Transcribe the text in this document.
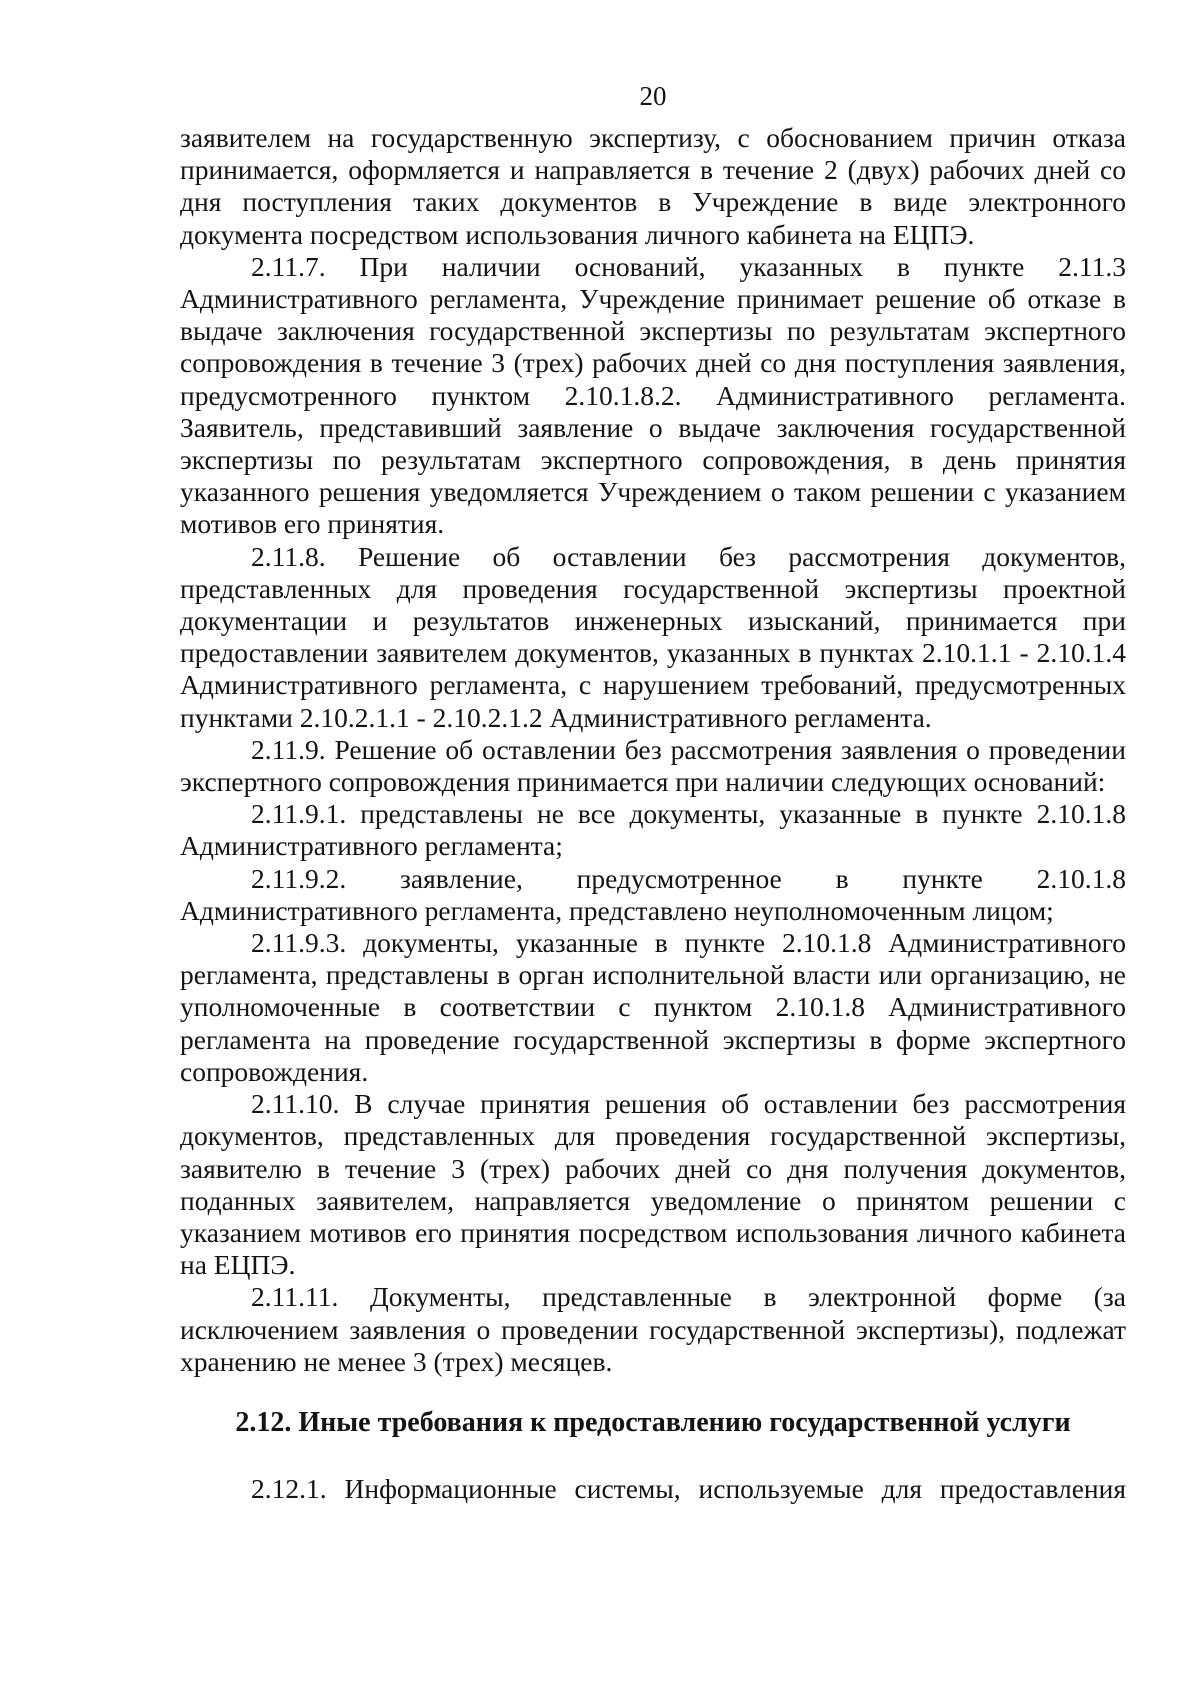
20

заявителем на государственную экспертизу, с обоснованием причин отказа принимается, оформляется и направляется в течение 2 (двух) рабочих дней со дня поступления таких документов в Учреждение в виде электронного документа посредством использования личного кабинета на ЕЦПЭ.

2.11.7. При наличии оснований, указанных в пункте 2.11.3 Административного регламента, Учреждение принимает решение об отказе в выдаче заключения государственной экспертизы по результатам экспертного сопровождения в течение 3 (трех) рабочих дней со дня поступления заявления, предусмотренного пунктом 2.10.1.8.2. Административного регламента. Заявитель, представивший заявление о выдаче заключения государственной экспертизы по результатам экспертного сопровождения, в день принятия указанного решения уведомляется Учреждением о таком решении с указанием мотивов его принятия.

2.11.8. Решение об оставлении без рассмотрения документов, представленных для проведения государственной экспертизы проектной документации и результатов инженерных изысканий, принимается при предоставлении заявителем документов, указанных в пунктах 2.10.1.1 - 2.10.1.4 Административного регламента, с нарушением требований, предусмотренных пунктами 2.10.2.1.1 - 2.10.2.1.2 Административного регламента.

2.11.9. Решение об оставлении без рассмотрения заявления о проведении экспертного сопровождения принимается при наличии следующих оснований:

2.11.9.1. представлены не все документы, указанные в пункте 2.10.1.8 Административного регламента;

2.11.9.2. заявление, предусмотренное в пункте 2.10.1.8 Административного регламента, представлено неуполномоченным лицом;

2.11.9.3. документы, указанные в пункте 2.10.1.8 Административного регламента, представлены в орган исполнительной власти или организацию, не уполномоченные в соответствии с пунктом 2.10.1.8 Административного регламента на проведение государственной экспертизы в форме экспертного сопровождения.

2.11.10. В случае принятия решения об оставлении без рассмотрения документов, представленных для проведения государственной экспертизы, заявителю в течение 3 (трех) рабочих дней со дня получения документов, поданных заявителем, направляется уведомление о принятом решении с указанием мотивов его принятия посредством использования личного кабинета на ЕЦПЭ.

2.11.11. Документы, представленные в электронной форме (за исключением заявления о проведении государственной экспертизы), подлежат хранению не менее 3 (трех) месяцев.

2.12. Иные требования к предоставлению государственной услуги

2.12.1. Информационные системы, используемые для предоставления
